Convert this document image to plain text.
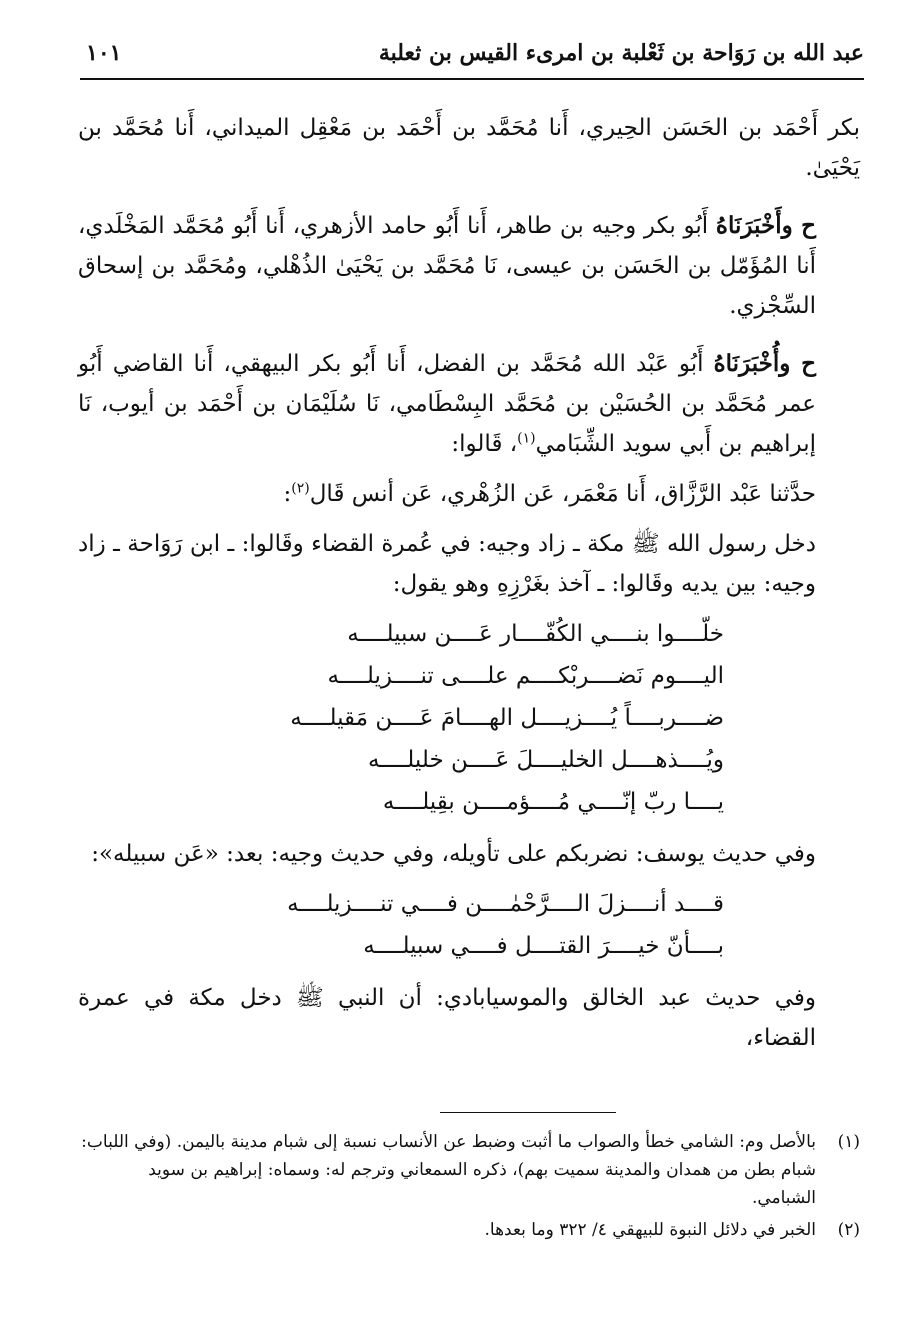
عبد الله بن رَوَاحة بن ثَعْلبة بن امرىء القيس بن ثعلبة
١٠١

بكر أَحْمَد بن الحَسَن الحِيري، أَنا مُحَمَّد بن أَحْمَد بن مَعْقِل الميداني، أَنا مُحَمَّد بن يَحْيَىٰ.

ح وأَخْبَرَنَاهُ أَبُو بكر وجيه بن طاهر، أَنا أَبُو حامد الأزهري، أَنا أَبُو مُحَمَّد المَخْلَدي، أَنا المُؤَمّل بن الحَسَن بن عيسى، نَا مُحَمَّد بن يَحْيَىٰ الذُهْلي، ومُحَمَّد بن إسحاق السِّجْزي.

ح وأُخْبَرَنَاهُ أَبُو عَبْد الله مُحَمَّد بن الفضل، أَنا أَبُو بكر البيهقي، أَنا القاضي أَبُو عمر مُحَمَّد بن الحُسَيْن بن مُحَمَّد البِسْطَامي، نَا سُلَيْمَان بن أَحْمَد بن أيوب، نَا إبراهيم بن أَبي سويد الشِّبَامي$^{(١)}$، قَالوا:

حدَّثنا عَبْد الرَّزَّاق، أَنا مَعْمَر، عَن الزُهْري، عَن أنس قَال$^{(٢)}$:

دخل رسول الله ﷺ مكة ـ زاد وجيه: في عُمرة القضاء وقَالوا: ـ ابن رَوَاحة ـ زاد وجيه: بين يديه وقَالوا: ـ آخذ بغَرْزِهِ وهو يقول:

خلّــــوا بنــــي الكُفّــــار عَــــن سبيلــــه
اليــــوم نَضــــربْكــــم علــــى تنــــزيلــــه
ضــــربــــاً يُــــزيــــل الهــــامَ عَــــن مَقيلــــه
ويُــــذهــــل الخليــــلَ عَــــن خليلــــه
يــــا ربّ إنّــــي مُــــؤمــــن بقِيلــــه

وفي حديث يوسف: نضربكم على تأويله، وفي حديث وجيه: بعد: «عَن سبيله»:

قــــد أنــــزلَ الــــرَّحْمٰــــن فــــي تنــــزيلــــه
بــــأنّ خيــــرَ القتــــل فــــي سبيلــــه

وفي حديث عبد الخالق والموسيابادي: أن النبي ﷺ دخل مكة في عمرة القضاء،

(١)
بالأصل وم: الشامي خطأ والصواب ما أثبت وضبط عن الأنساب نسبة إلى شبام مدينة باليمن. (وفي اللباب: شبام بطن من همدان والمدينة سميت بهم)، ذكره السمعاني وترجم له: وسماه: إبراهيم بن سويد الشبامي.
(٢)
الخبر في دلائل النبوة للبيهقي ٤/ ٣٢٢ وما بعدها.
